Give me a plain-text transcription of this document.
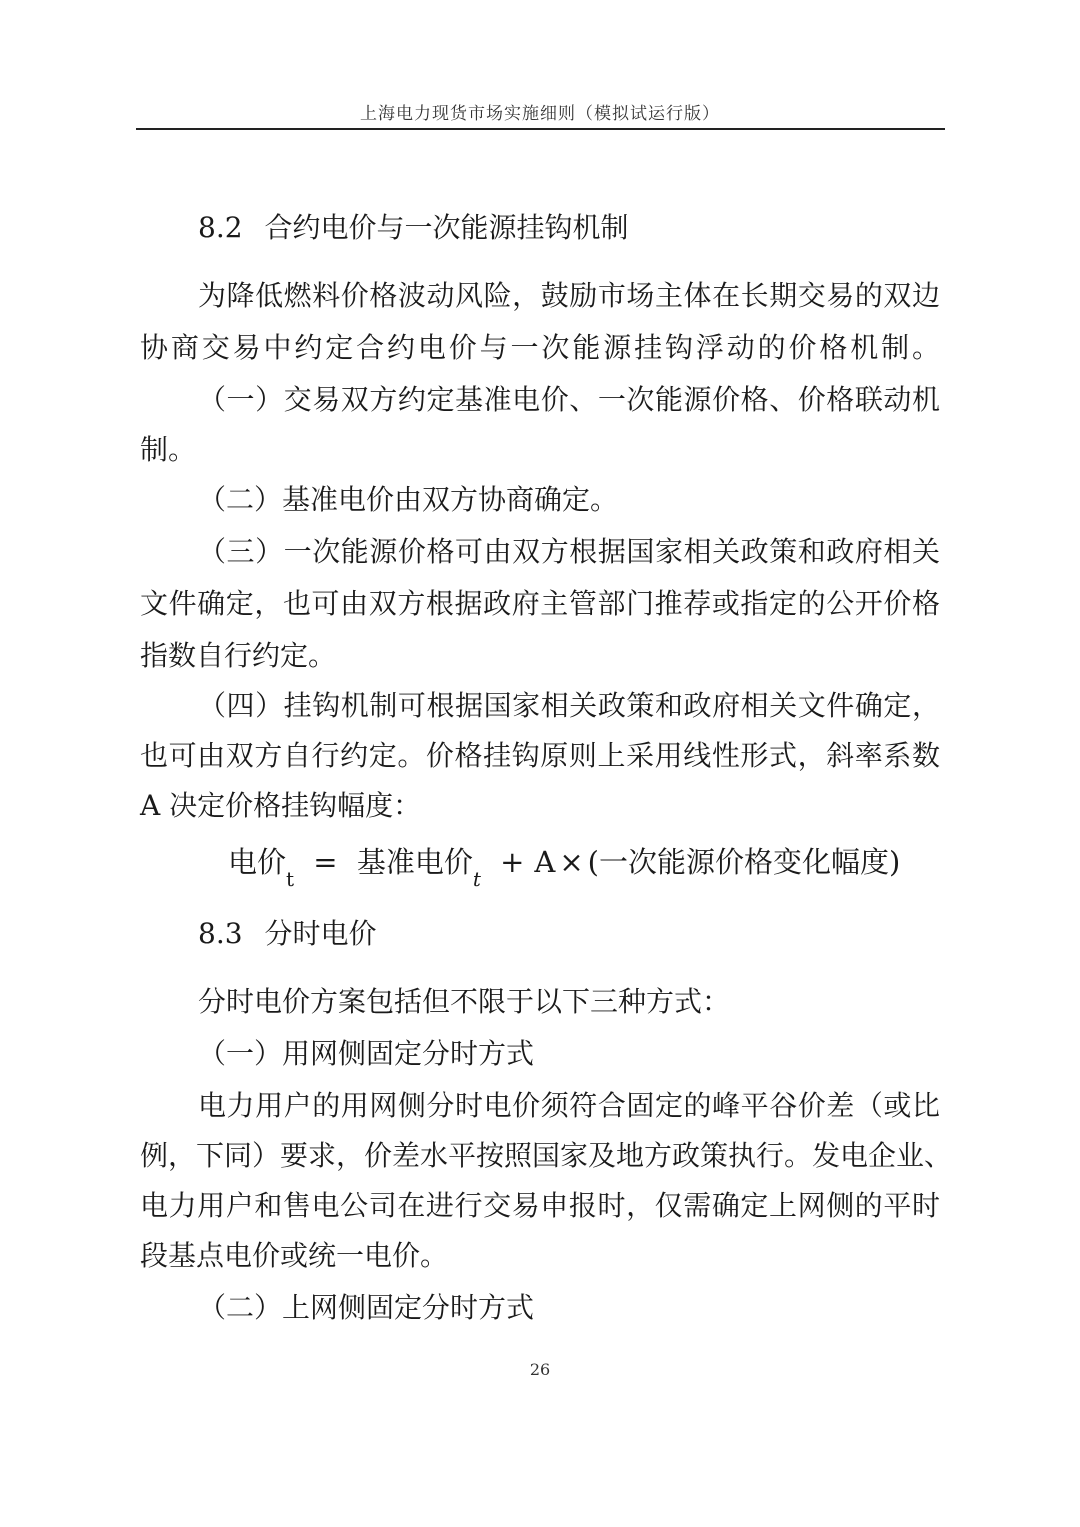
上海电力现货市场实施细则（模拟试运行版）
8.2 合约电价与一次能源挂钩机制
为降低燃料价格波动风险，鼓励市场主体在长期交易的双边
协商交易中约定合约电价与一次能源挂钩浮动的价格机制。
（一）交易双方约定基准电价、一次能源价格、价格联动机
制。
（二）基准电价由双方协商确定。
（三）一次能源价格可由双方根据国家相关政策和政府相关
文件确定，也可由双方根据政府主管部门推荐或指定的公开价格
指数自行约定。
（四）挂钩机制可根据国家相关政策和政府相关文件确定，
也可由双方自行约定。价格挂钩原则上采用线性形式，斜率系数
A 决定价格挂钩幅度：
电价$_t$ = 基准电价$_t$ + A × (一次能源价格变化幅度)
8.3 分时电价
分时电价方案包括但不限于以下三种方式：
（一）用网侧固定分时方式
电力用户的用网侧分时电价须符合固定的峰平谷价差（或比
例，下同）要求，价差水平按照国家及地方政策执行。发电企业、
电力用户和售电公司在进行交易申报时，仅需确定上网侧的平时
段基点电价或统一电价。
（二）上网侧固定分时方式
26
